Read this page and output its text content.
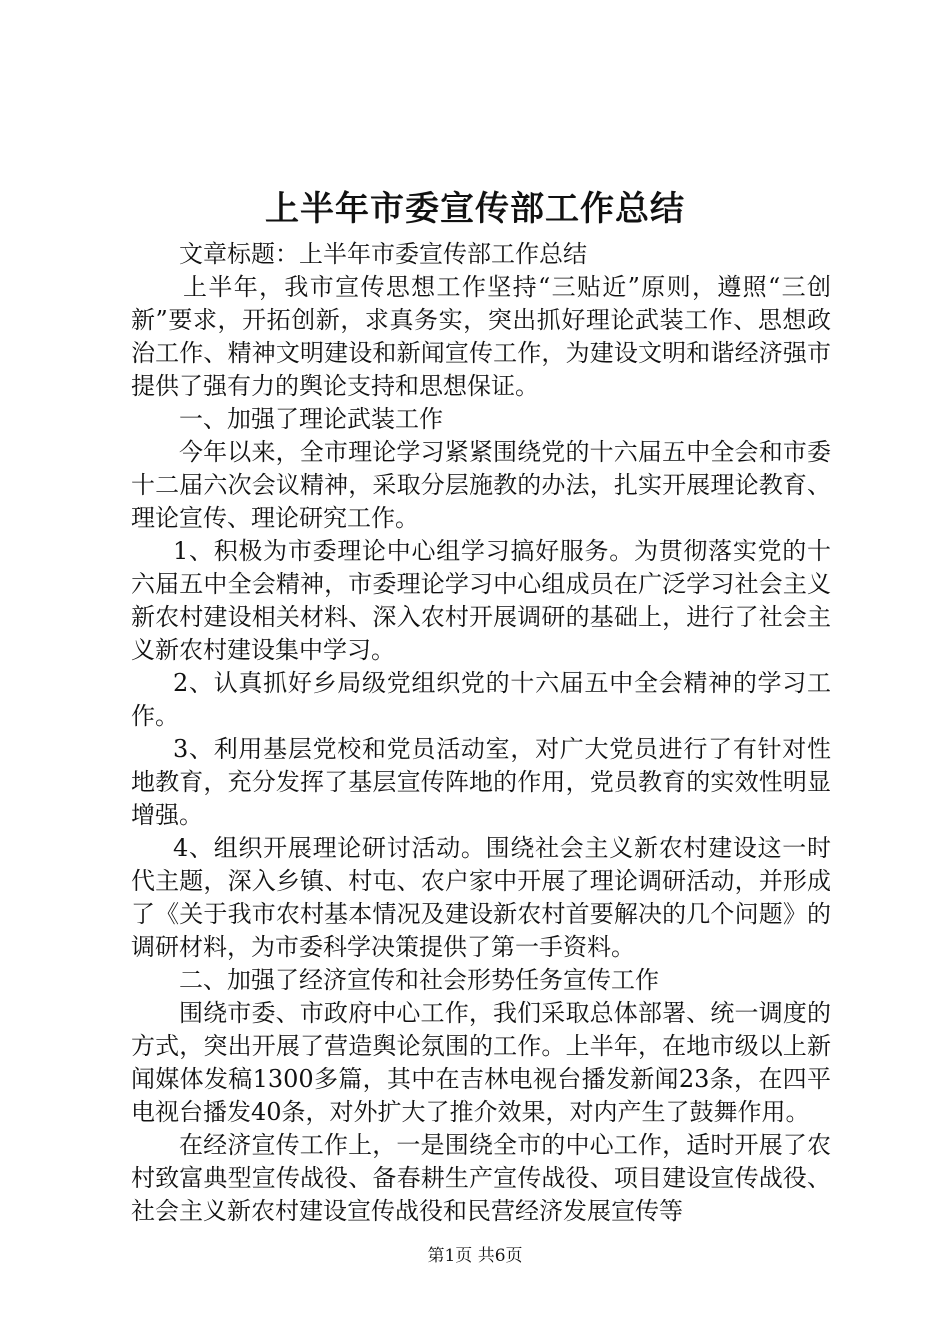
上半年市委宣传部工作总结

文章标题：上半年市委宣传部工作总结

上半年，我市宣传思想工作坚持“三贴近”原则，遵照“三创新”要求，开拓创新，求真务实，突出抓好理论武装工作、思想政治工作、精神文明建设和新闻宣传工作，为建设文明和谐经济强市提供了强有力的舆论支持和思想保证。

一、加强了理论武装工作

今年以来，全市理论学习紧紧围绕党的十六届五中全会和市委十二届六次会议精神，采取分层施教的办法，扎实开展理论教育、理论宣传、理论研究工作。

1、积极为市委理论中心组学习搞好服务。为贯彻落实党的十六届五中全会精神，市委理论学习中心组成员在广泛学习社会主义新农村建设相关材料、深入农村开展调研的基础上，进行了社会主义新农村建设集中学习。

2、认真抓好乡局级党组织党的十六届五中全会精神的学习工作。

3、利用基层党校和党员活动室，对广大党员进行了有针对性地教育，充分发挥了基层宣传阵地的作用，党员教育的实效性明显增强。

4、组织开展理论研讨活动。围绕社会主义新农村建设这一时代主题，深入乡镇、村屯、农户家中开展了理论调研活动，并形成了《关于我市农村基本情况及建设新农村首要解决的几个问题》的调研材料，为市委科学决策提供了第一手资料。

二、加强了经济宣传和社会形势任务宣传工作

围绕市委、市政府中心工作，我们采取总体部署、统一调度的方式，突出开展了营造舆论氛围的工作。上半年，在地市级以上新闻媒体发稿1300多篇，其中在吉林电视台播发新闻23条，在四平电视台播发40条，对外扩大了推介效果，对内产生了鼓舞作用。

在经济宣传工作上，一是围绕全市的中心工作，适时开展了农村致富典型宣传战役、备春耕生产宣传战役、项目建设宣传战役、社会主义新农村建设宣传战役和民营经济发展宣传等

第1页 共6页
